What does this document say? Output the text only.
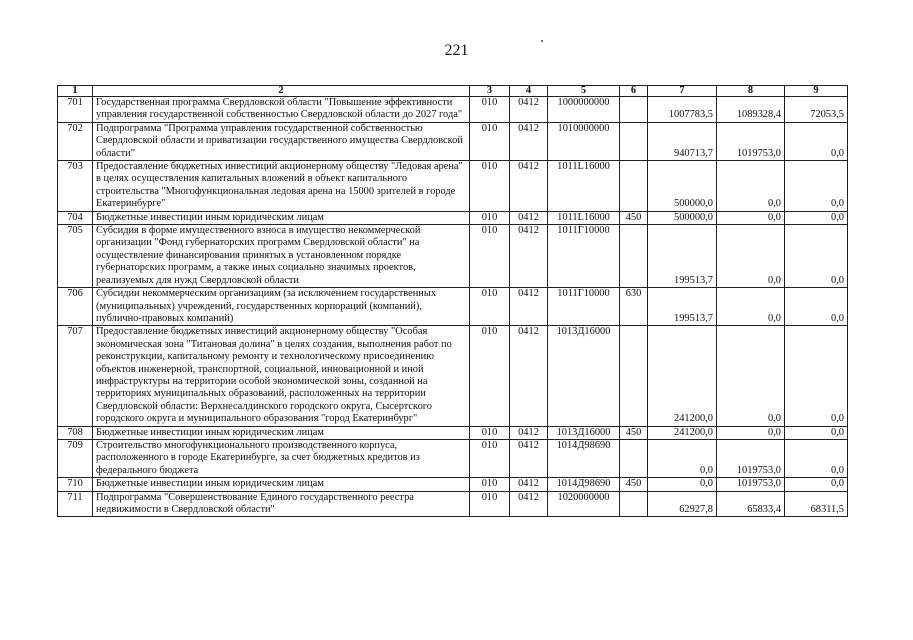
221
1	2	3	4	5	6	7	8	9
701	Государственная программа Свердловской области "Повышение эффективности управления государственной собственностью Свердловской области до 2027 года"	010	0412	1000000000		1007783,5	1089328,4	72053,5
702	Подпрограмма "Программа управления государственной собственностью Свердловской области и приватизации государственного имущества Свердловской области"	010	0412	1010000000		940713,7	1019753,0	0,0
703	Предоставление бюджетных инвестиций акционерному обществу "Ледовая арена" в целях осуществления капитальных вложений в объект капитального строительства "Многофункциональная ледовая арена на 15000 зрителей в городе Екатеринбурге"	010	0412	1011L16000		500000,0	0,0	0,0
704	Бюджетные инвестиции иным юридическим лицам	010	0412	1011L16000	450	500000,0	0,0	0,0
705	Субсидия в форме имущественного взноса в имущество некоммерческой организации "Фонд губернаторских программ Свердловской области" на осуществление финансирования принятых в установленном порядке губернаторских программ, а также иных социально значимых проектов, реализуемых для нужд Свердловской области	010	0412	1011Г10000		199513,7	0,0	0,0
706	Субсидии некоммерческим организациям (за исключением государственных (муниципальных) учреждений, государственных корпораций (компаний), публично-правовых компаний)	010	0412	1011Г10000	630	199513,7	0,0	0,0
707	Предоставление бюджетных инвестиций акционерному обществу "Особая экономическая зона "Титановая долина" в целях создания, выполнения работ по реконструкции, капитальному ремонту и технологическому присоединению объектов инженерной, транспортной, социальной, инновационной и иной инфраструктуры на территории особой экономической зоны, созданной на территориях муниципальных образований, расположенных на территории Свердловской области: Верхнесалдинского городского округа, Сысертского городского округа и муниципального образования "город Екатеринбург"	010	0412	1013Д16000		241200,0	0,0	0,0
708	Бюджетные инвестиции иным юридическим лицам	010	0412	1013Д16000	450	241200,0	0,0	0,0
709	Строительство многофункционального производственного корпуса, расположенного в городе Екатеринбурге, за счет бюджетных кредитов из федерального бюджета	010	0412	1014Д98690		0,0	1019753,0	0,0
710	Бюджетные инвестиции иным юридическим лицам	010	0412	1014Д98690	450	0,0	1019753,0	0,0
711	Подпрограмма "Совершенствование Единого государственного реестра недвижимости в Свердловской области"	010	0412	1020000000		62927,8	65833,4	68311,5
